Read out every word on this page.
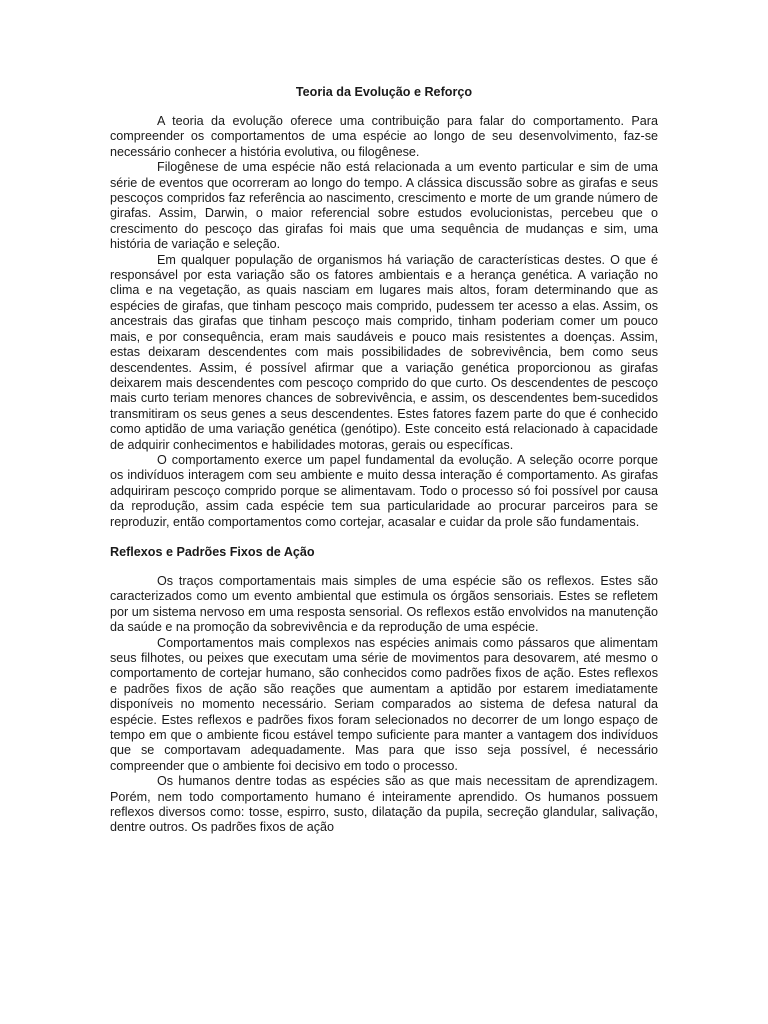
Teoria da Evolução e Reforço

A teoria da evolução oferece uma contribuição para falar do comportamento. Para compreender os comportamentos de uma espécie ao longo de seu desenvolvimento, faz-se necessário conhecer a história evolutiva, ou filogênese.

Filogênese de uma espécie não está relacionada a um evento particular e sim de uma série de eventos que ocorreram ao longo do tempo. A clássica discussão sobre as girafas e seus pescoços compridos faz referência ao nascimento, crescimento e morte de um grande número de girafas. Assim, Darwin, o maior referencial sobre estudos evolucionistas, percebeu que o crescimento do pescoço das girafas foi mais que uma sequência de mudanças e sim, uma história de variação e seleção.

Em qualquer população de organismos há variação de características destes. O que é responsável por esta variação são os fatores ambientais e a herança genética. A variação no clima e na vegetação, as quais nasciam em lugares mais altos, foram determinando que as espécies de girafas, que tinham pescoço mais comprido, pudessem ter acesso a elas. Assim, os ancestrais das girafas que tinham pescoço mais comprido, tinham poderiam comer um pouco mais, e por consequência, eram mais saudáveis e pouco mais resistentes a doenças. Assim, estas deixaram descendentes com mais possibilidades de sobrevivência, bem como seus descendentes. Assim, é possível afirmar que a variação genética proporcionou as girafas deixarem mais descendentes com pescoço comprido do que curto. Os descendentes de pescoço mais curto teriam menores chances de sobrevivência, e assim, os descendentes bem-sucedidos transmitiram os seus genes a seus descendentes. Estes fatores fazem parte do que é conhecido como aptidão de uma variação genética (genótipo). Este conceito está relacionado à capacidade de adquirir conhecimentos e habilidades motoras, gerais ou específicas.

O comportamento exerce um papel fundamental da evolução. A seleção ocorre porque os indivíduos interagem com seu ambiente e muito dessa interação é comportamento. As girafas adquiriram pescoço comprido porque se alimentavam. Todo o processo só foi possível por causa da reprodução, assim cada espécie tem sua particularidade ao procurar parceiros para se reproduzir, então comportamentos como cortejar, acasalar e cuidar da prole são fundamentais.

Reflexos e Padrões Fixos de Ação

Os traços comportamentais mais simples de uma espécie são os reflexos. Estes são caracterizados como um evento ambiental que estimula os órgãos sensoriais. Estes se refletem por um sistema nervoso em uma resposta sensorial. Os reflexos estão envolvidos na manutenção da saúde e na promoção da sobrevivência e da reprodução de uma espécie.

Comportamentos mais complexos nas espécies animais como pássaros que alimentam seus filhotes, ou peixes que executam uma série de movimentos para desovarem, até mesmo o comportamento de cortejar humano, são conhecidos como padrões fixos de ação. Estes reflexos e padrões fixos de ação são reações que aumentam a aptidão por estarem imediatamente disponíveis no momento necessário. Seriam comparados ao sistema de defesa natural da espécie. Estes reflexos e padrões fixos foram selecionados no decorrer de um longo espaço de tempo em que o ambiente ficou estável tempo suficiente para manter a vantagem dos indivíduos que se comportavam adequadamente. Mas para que isso seja possível, é necessário compreender que o ambiente foi decisivo em todo o processo.

Os humanos dentre todas as espécies são as que mais necessitam de aprendizagem. Porém, nem todo comportamento humano é inteiramente aprendido. Os humanos possuem reflexos diversos como: tosse, espirro, susto, dilatação da pupila, secreção glandular, salivação, dentre outros. Os padrões fixos de ação
